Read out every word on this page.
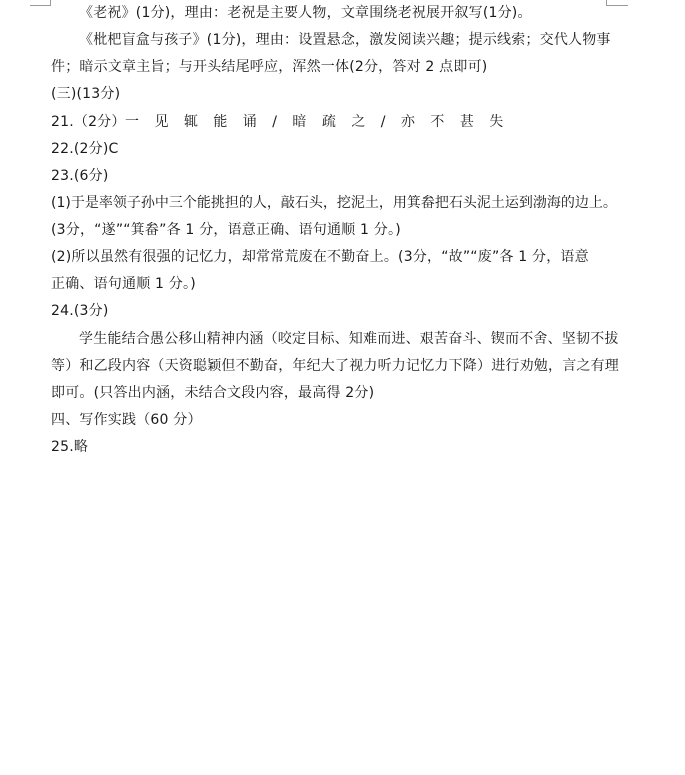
《老祝》(1分)，理由：老祝是主要人物，文章围绕老祝展开叙写(1分)。
《枇杷盲盒与孩子》(1分)，理由：设置悬念，激发阅读兴趣；提示线索；交代人物事
件；暗示文章主旨；与开头结尾呼应，浑然一体(2分，答对 2 点即可)
(三)(13分)
21.（2分） 一 见 辄 能 诵 / 暗 疏 之 / 亦 不 甚 失
22.(2分)C
23.(6分)
(1)于是率领子孙中三个能挑担的人，敲石头，挖泥土，用箕畚把石头泥土运到渤海的边上。
(3分，“遂”“箕畚”各 1 分，语意正确、语句通顺 1 分。)
(2)所以虽然有很强的记忆力，却常常荒废在不勤奋上。(3分，“故”“废”各 1 分，语意
正确、语句通顺 1 分。)
24.(3分)
学生能结合愚公移山精神内涵（咬定目标、知难而进、艰苦奋斗、锲而不舍、坚韧不拔
等）和乙段内容（天资聪颖但不勤奋，年纪大了视力听力记忆力下降）进行劝勉，言之有理
即可。(只答出内涵，未结合文段内容，最高得 2分)
四、写作实践（60 分）
25.略
